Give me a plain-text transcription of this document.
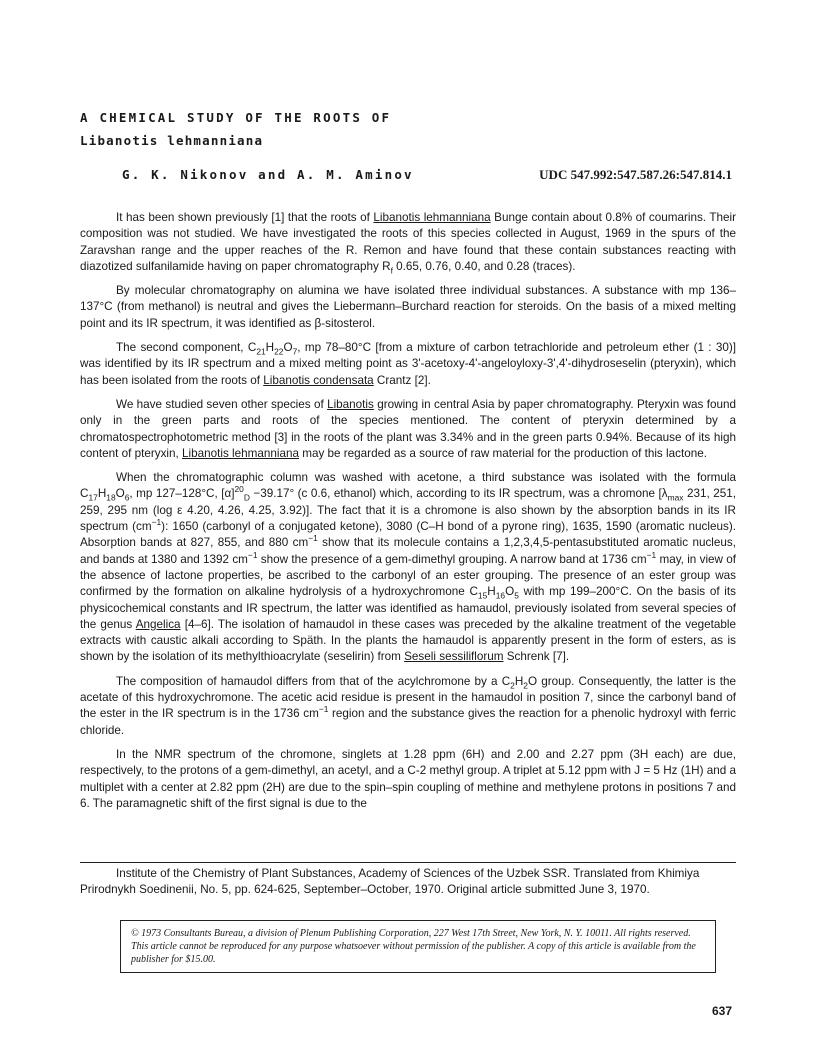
A CHEMICAL STUDY OF THE ROOTS OF
Libanotis lehmanniana
G. K. Nikonov and A. M. Aminov	UDC 547.992:547.587.26:547.814.1

It has been shown previously [1] that the roots of Libanotis lehmanniana Bunge contain about 0.8% of coumarins. Their composition was not studied. We have investigated the roots of this species collected in August, 1969 in the spurs of the Zaravshan range and the upper reaches of the R. Remon and have found that these contain substances reacting with diazotized sulfanilamide having on paper chromatography $R_f$ 0.65, 0.76, 0.40, and 0.28 (traces).

By molecular chromatography on alumina we have isolated three individual substances. A substance with mp 136–137°C (from methanol) is neutral and gives the Liebermann–Burchard reaction for steroids. On the basis of a mixed melting point and its IR spectrum, it was identified as β-sitosterol.

The second component, $C_{21}H_{22}O_7$, mp 78–80°C [from a mixture of carbon tetrachloride and petroleum ether (1 : 30)] was identified by its IR spectrum and a mixed melting point as 3'-acetoxy-4'-angeloyloxy-3',4'-dihydroseselin (pteryxin), which has been isolated from the roots of Libanotis condensata Crantz [2].

We have studied seven other species of Libanotis growing in central Asia by paper chromatography. Pteryxin was found only in the green parts and roots of the species mentioned. The content of pteryxin determined by a chromatospectrophotometric method [3] in the roots of the plant was 3.34% and in the green parts 0.94%. Because of its high content of pteryxin, Libanotis lehmanniana may be regarded as a source of raw material for the production of this lactone.

When the chromatographic column was washed with acetone, a third substance was isolated with the formula $C_{17}H_{18}O_6$, mp 127–128°C, $[\alpha]^{20}_D -39.17^\circ$ (c 0.6, ethanol) which, according to its IR spectrum, was a chromone [$\lambda_{max}$ 231, 251, 259, 295 nm (log ε 4.20, 4.26, 4.25, 3.92)]. The fact that it is a chromone is also shown by the absorption bands in its IR spectrum $(cm^{-1})$: 1650 (carbonyl of a conjugated ketone), 3080 (C–H bond of a pyrone ring), 1635, 1590 (aromatic nucleus). Absorption bands at 827, 855, and 880 $cm^{-1}$ show that its molecule contains a 1,2,3,4,5-pentasubstituted aromatic nucleus, and bands at 1380 and 1392 $cm^{-1}$ show the presence of a gem-dimethyl grouping. A narrow band at 1736 $cm^{-1}$ may, in view of the absence of lactone properties, be ascribed to the carbonyl of an ester grouping. The presence of an ester group was confirmed by the formation on alkaline hydrolysis of a hydroxychromone $C_{15}H_{16}O_5$ with mp 199–200°C. On the basis of its physicochemical constants and IR spectrum, the latter was identified as hamaudol, previously isolated from several species of the genus Angelica [4–6]. The isolation of hamaudol in these cases was preceded by the alkaline treatment of the vegetable extracts with caustic alkali according to Späth. In the plants the hamaudol is apparently present in the form of esters, as is shown by the isolation of its methylthioacrylate (seselirin) from Seseli sessiliflorum Schrenk [7].

The composition of hamaudol differs from that of the acylchromone by a $C_2H_2O$ group. Consequently, the latter is the acetate of this hydroxychromone. The acetic acid residue is present in the hamaudol in position 7, since the carbonyl band of the ester in the IR spectrum is in the 1736 $cm^{-1}$ region and the substance gives the reaction for a phenolic hydroxyl with ferric chloride.

In the NMR spectrum of the chromone, singlets at 1.28 ppm (6H) and 2.00 and 2.27 ppm (3H each) are due, respectively, to the protons of a gem-dimethyl, an acetyl, and a C-2 methyl group. A triplet at 5.12 ppm with J = 5 Hz (1H) and a multiplet with a center at 2.82 ppm (2H) are due to the spin–spin coupling of methine and methylene protons in positions 7 and 6. The paramagnetic shift of the first signal is due to the

Institute of the Chemistry of Plant Substances, Academy of Sciences of the Uzbek SSR. Translated from Khimiya Prirodnykh Soedinenii, No. 5, pp. 624-625, September–October, 1970. Original article submitted June 3, 1970.

© 1973 Consultants Bureau, a division of Plenum Publishing Corporation, 227 West 17th Street, New York, N. Y. 10011. All rights reserved. This article cannot be reproduced for any purpose whatsoever without permission of the publisher. A copy of this article is available from the publisher for $15.00.
637
